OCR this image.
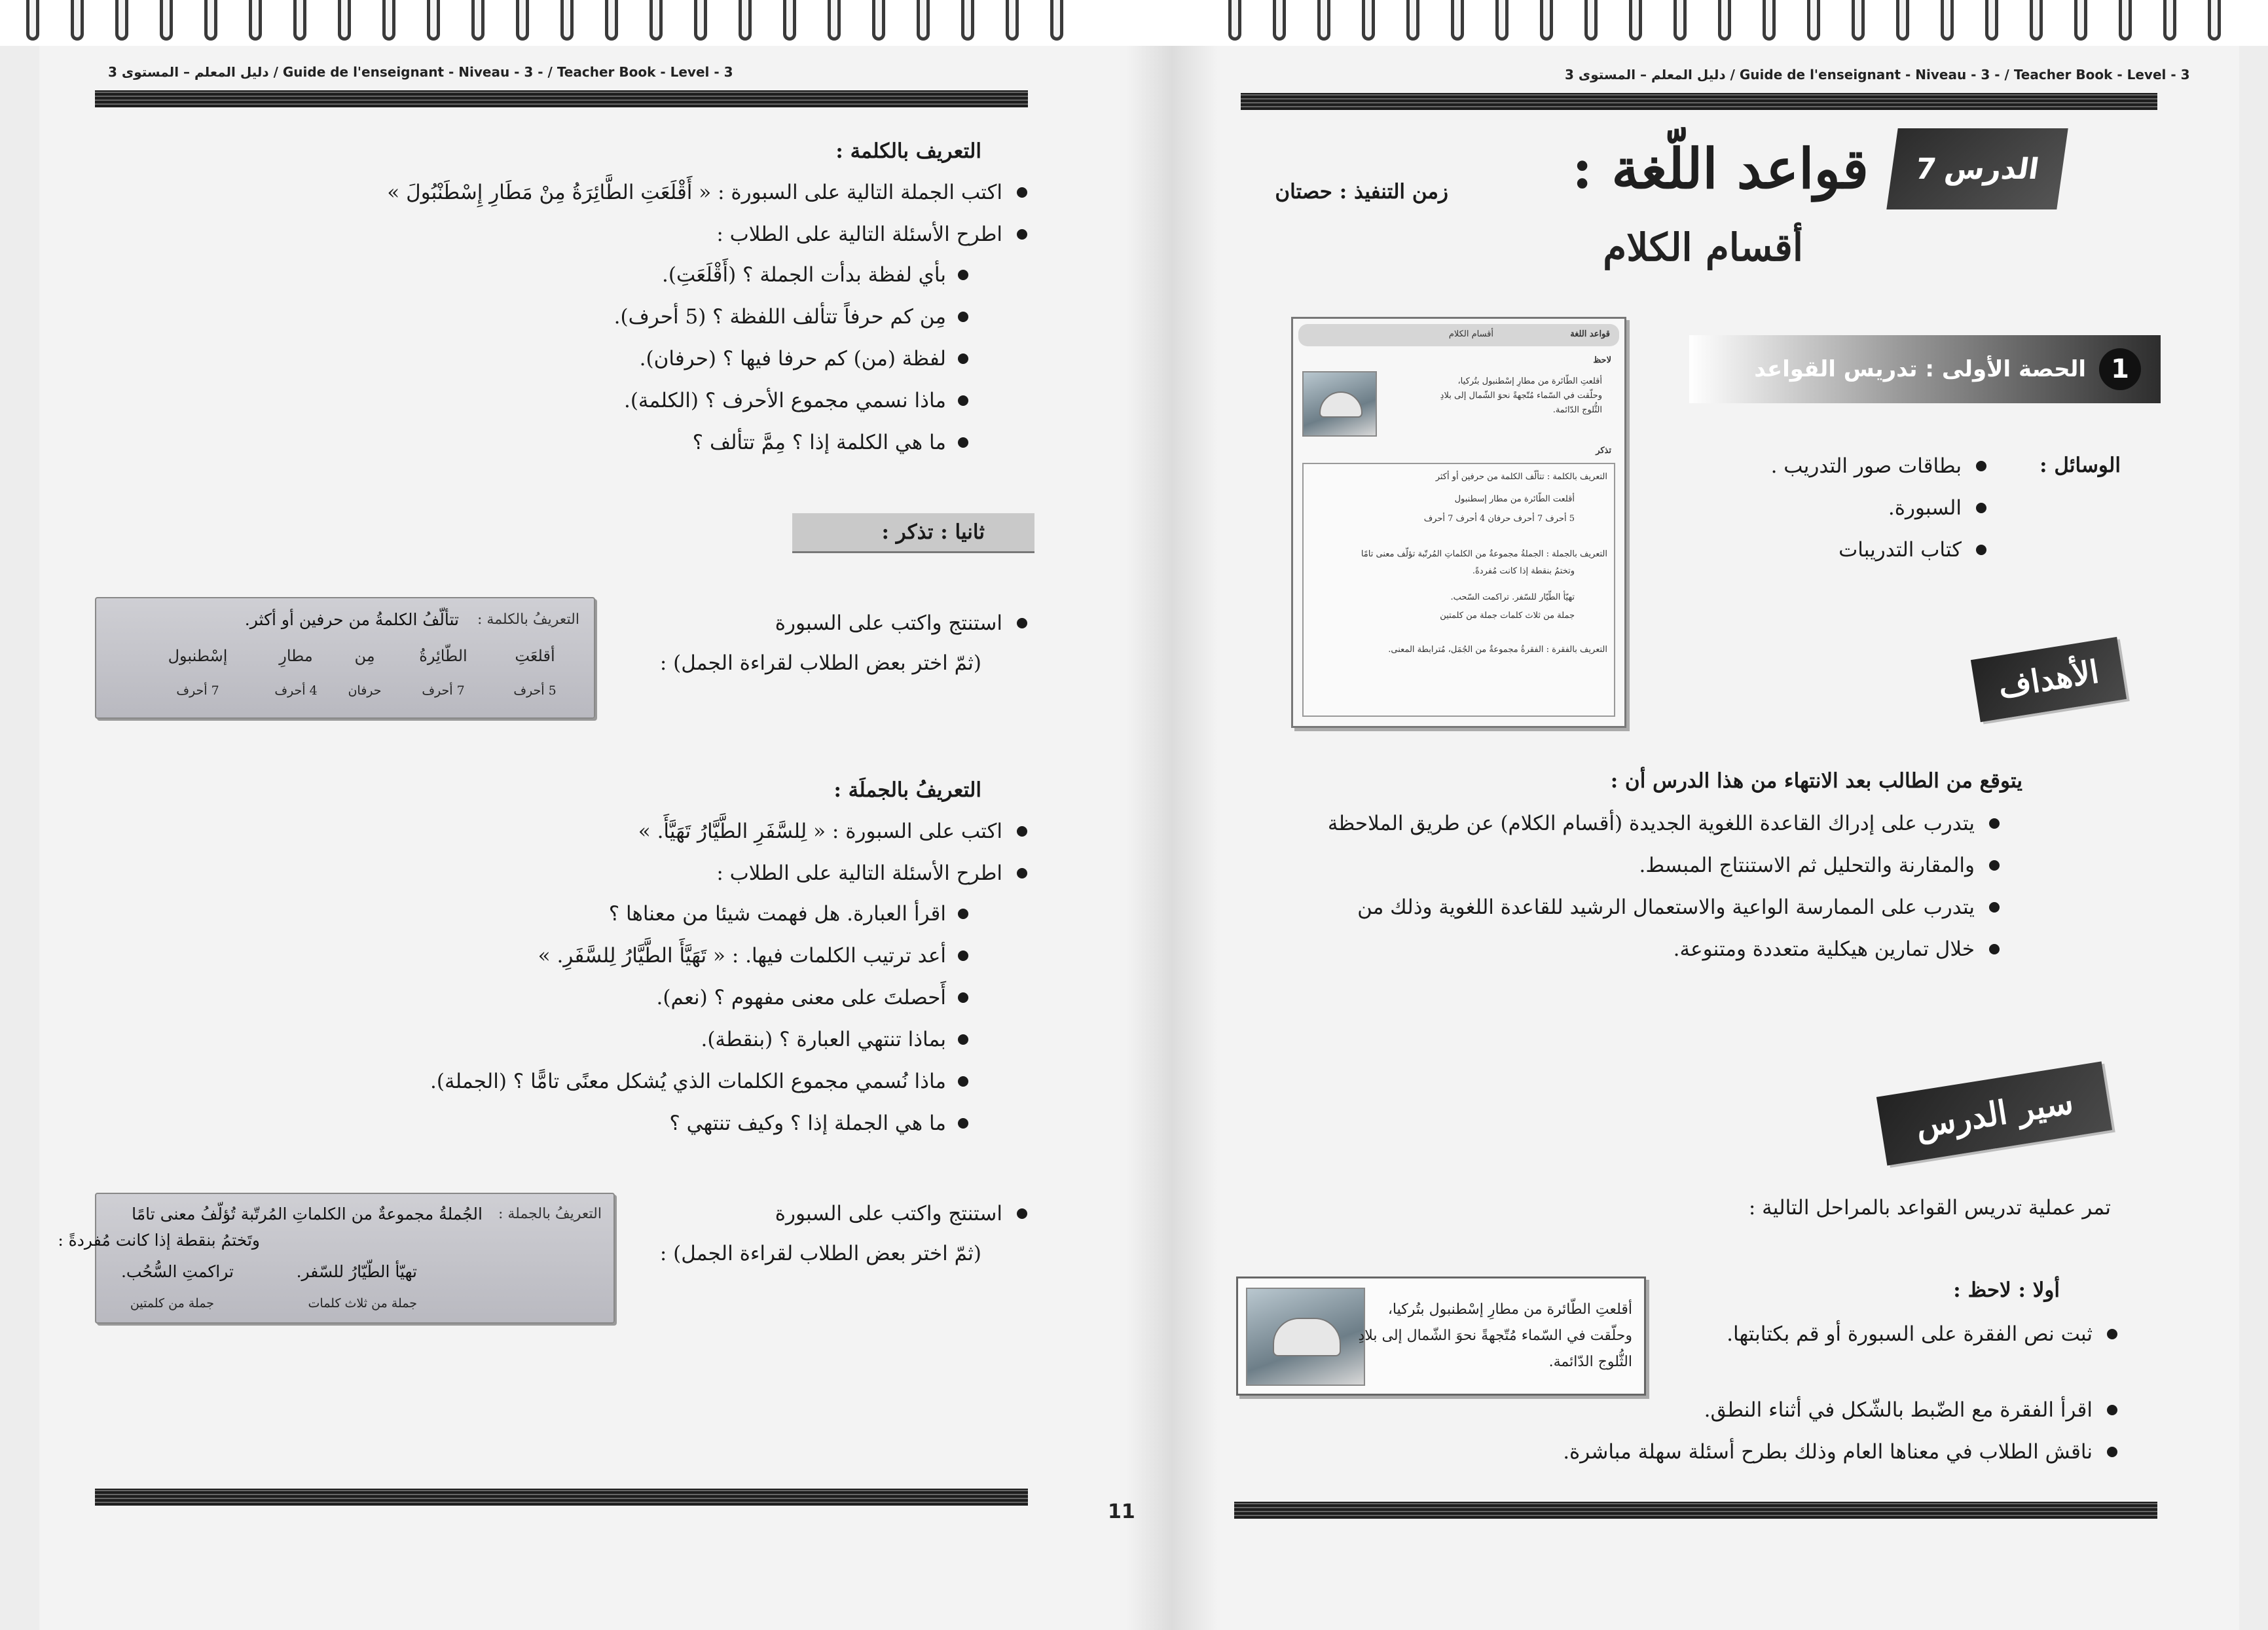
دليل المعلم – المستوى 3 / Guide de l'enseignant - Niveau - 3 - / Teacher Book - Level - 3	دليل المعلم – المستوى 3 / Guide de l'enseignant - Niveau - 3 - / Teacher Book - Level - 3
التعريف بالكلمة :
اكتب الجملة التالية على السبورة : « أَقْلَعَتِ الطَّائِرَةُ مِنْ مَطَارِ إِسْطَنْبُولَ »
اطرح الأسئلة التالية على الطلاب :
بأي لفظة بدأت الجملة ؟ (أَقْلَعَتِ).
مِن كم حرفاً تتألف اللفظة ؟ (5 أحرف).
لفظة (من) كم حرفا فيها ؟ (حرفان).
ماذا نسمي مجموع الأحرف ؟ (الكلمة).
ما هي الكلمة إذا ؟ مِمَّ تتألف ؟
ثانيا : تذكر :
استنتج واكتب على السبورة
(ثمّ اختر بعض الطلاب لقراءة الجمل) :
التعريفُ بالكلمة :
تتألّفُ الكلمةُ من حرفين أو أكثر.
أقلعَتِ
الطّائِرةُ
مِن
مطارِ
إسْطنبول
5 أحرف
7 أحرف
حرفان
4 أحرف
7 أحرف
التعريفُ بالجملَة :
اكتب على السبورة : « لِلسَّفَرِ الطَّيَّارُ تَهَيَّأَ. »
اطرح الأسئلة التالية على الطلاب :
اقرأ العبارة. هل فهمت شيئا من معناها ؟
أعد ترتيب الكلمات فيها. : « تَهَيَّأَ الطَّيَّارُ لِلسَّفَرِ. »
أَحصلتَ على معنى مفهوم ؟ (نعم).
بماذا تنتهي العبارة ؟ (بنقطة).
ماذا نُسمي مجموع الكلمات الذي يُشكل معنًى تامًّا ؟ (الجملة).
ما هي الجملة إذا ؟ وكيف تنتهي ؟
استنتج واكتب على السبورة
(ثمّ اختر بعض الطلاب لقراءة الجمل) :
التعريفُ بالجملة :
الجُملةُ مجموعةٌ من الكلماتِ المُرتّبة تُؤلّفُ معنى تامًا
وتَختمُ بنقطة إذا كانت مُفردةً :
تهيّأ الطّيّارُ للسّفر.
تراكمتِ السُّحُب.
جملة من ثلاث كلمات
جملة من كلمتين
11
الدرس
7
قواعد اللّغة :
زمن التنفيذ : حصتان
أقسام الكلام
قواعد اللغة
أقسام الكلام
لاحظ
أقلعتِ الطّائرة من مطارِ إسْطنبول بتُركيا،
وحلّقت في السّماء مُتّجهةً نحوَ الشّمال إلى بلادِ
الثُّلوج الدّائمة.
تذكر
التعريف بالكلمة : تتألّف الكلمة من حرفين أو أكثر
أقلعت الطّائرة من مطار إسطنبول
5 أحرف 7 أحرف حرفان 4 أحرف 7 أحرف
التعريف بالجملة : الجملةُ مجموعةٌ من الكلماتِ المُرتّبة تؤلّف معنى تامًا
وتختمُ بنقطة إذا كانت مُفردةً.
تهيّأ الطّيّار للسّفر. تراكمت السّحب.
جملة من ثلاث كلمات جملة من كلمتين
التعريف بالفقرة : الفقرةُ مجموعةٌ من الجُمَل، مُترابطة المعنى.
1
الحصة الأولى : تدريس القواعد
الوسائل :
بطاقات صور التدريب .
السبورة.
كتاب التدريبات
الأهداف
يتوقع من الطالب بعد الانتهاء من هذا الدرس أن :
يتدرب على إدراك القاعدة اللغوية الجديدة (أقسام الكلام) عن طريق الملاحظة
والمقارنة والتحليل ثم الاستنتاج المبسط.
يتدرب على الممارسة الواعية والاستعمال الرشيد للقاعدة اللغوية وذلك من
خلال تمارين هيكلية متعددة ومتنوعة.
سير الدرس
تمر عملية تدريس القواعد بالمراحل التالية :
أولا : لاحظ :
أقلعتِ الطّائرة من مطارِ إسْطنبول بتُركيا،
وحلّقت في السّماء مُتّجهةً نحوَ الشّمال إلى بلادِ
الثُّلوج الدّائمة.
ثبت نص الفقرة على السبورة أو قم بكتابتها.
اقرأ الفقرة مع الضّبط بالشّكل في أثناء النطق.
ناقش الطلاب في معناها العام وذلك بطرح أسئلة سهلة مباشرة.
